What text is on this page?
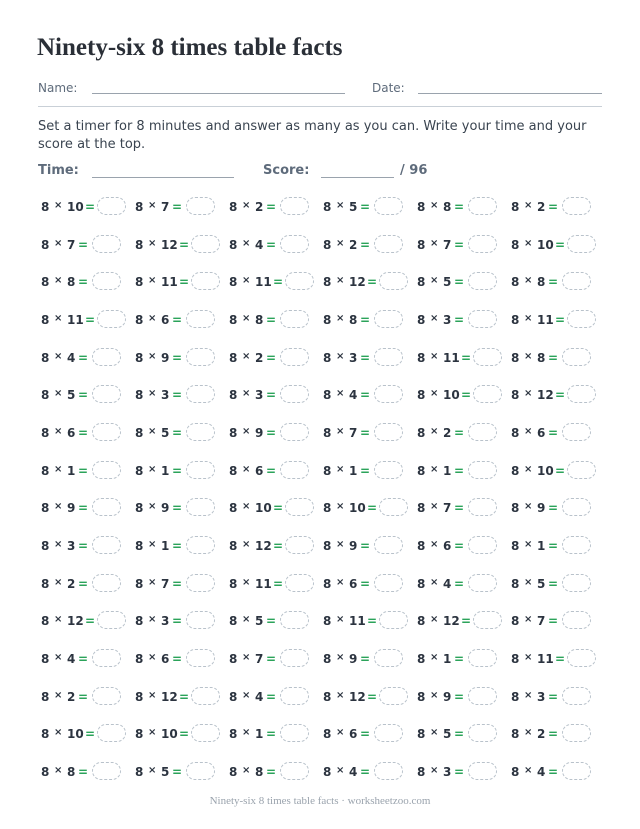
Ninety-six 8 times table facts
Name:	Date:

Set a timer for 8 minutes and answer as many as you can. Write your time and your score at the top.

Time:	Score:	/ 96
8 × 10 =	8 × 7 =	8 × 2 =	8 × 5 =	8 × 8 =	8 × 2 =
8 × 7 =	8 × 12 =	8 × 4 =	8 × 2 =	8 × 7 =	8 × 10 =
8 × 8 =	8 × 11 =	8 × 11 =	8 × 12 =	8 × 5 =	8 × 8 =
8 × 11 =	8 × 6 =	8 × 8 =	8 × 8 =	8 × 3 =	8 × 11 =
8 × 4 =	8 × 9 =	8 × 2 =	8 × 3 =	8 × 11 =	8 × 8 =
8 × 5 =	8 × 3 =	8 × 3 =	8 × 4 =	8 × 10 =	8 × 12 =
8 × 6 =	8 × 5 =	8 × 9 =	8 × 7 =	8 × 2 =	8 × 6 =
8 × 1 =	8 × 1 =	8 × 6 =	8 × 1 =	8 × 1 =	8 × 10 =
8 × 9 =	8 × 9 =	8 × 10 =	8 × 10 =	8 × 7 =	8 × 9 =
8 × 3 =	8 × 1 =	8 × 12 =	8 × 9 =	8 × 6 =	8 × 1 =
8 × 2 =	8 × 7 =	8 × 11 =	8 × 6 =	8 × 4 =	8 × 5 =
8 × 12 =	8 × 3 =	8 × 5 =	8 × 11 =	8 × 12 =	8 × 7 =
8 × 4 =	8 × 6 =	8 × 7 =	8 × 9 =	8 × 1 =	8 × 11 =
8 × 2 =	8 × 12 =	8 × 4 =	8 × 12 =	8 × 9 =	8 × 3 =
8 × 10 =	8 × 10 =	8 × 1 =	8 × 6 =	8 × 5 =	8 × 2 =
8 × 8 =	8 × 5 =	8 × 8 =	8 × 4 =	8 × 3 =	8 × 4 =
Ninety-six 8 times table facts · worksheetzoo.com
